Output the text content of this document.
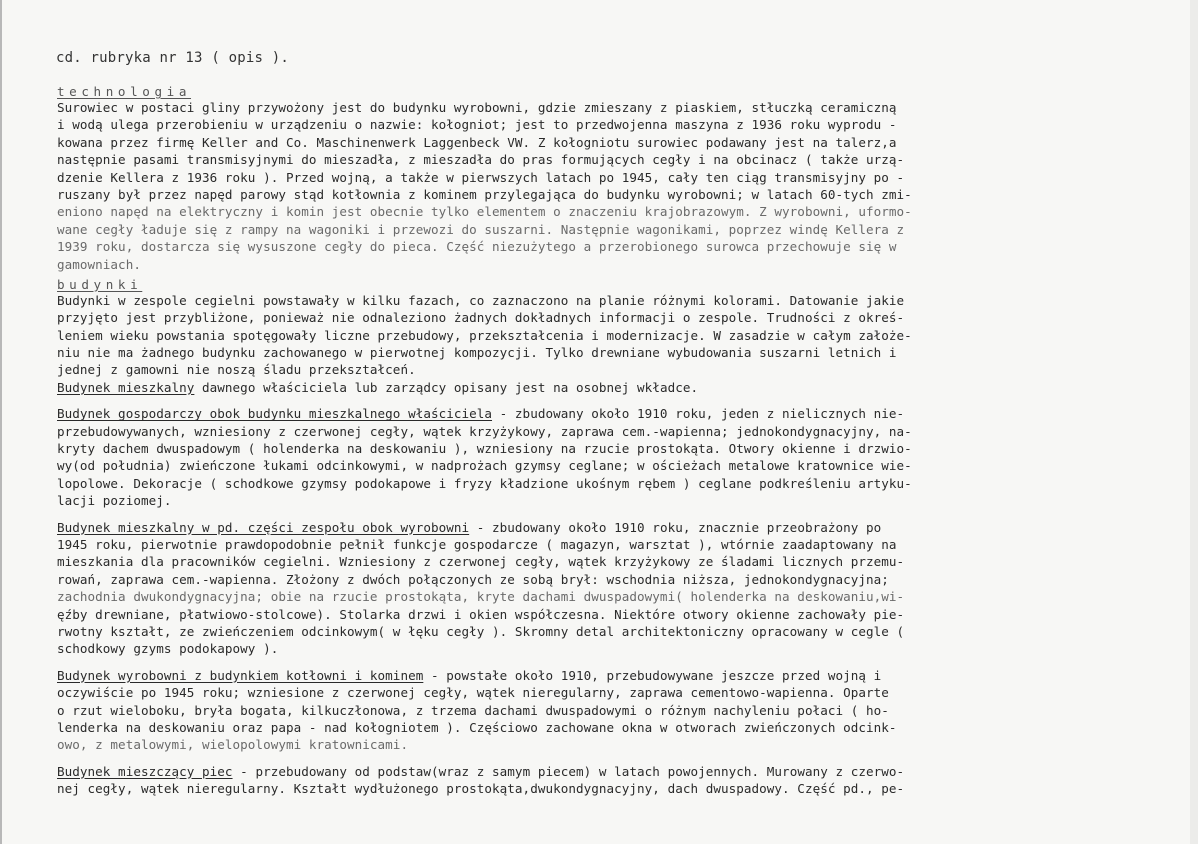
cd. rubryka nr 13 ( opis ).
technologia
Surowiec w postaci gliny przywożony jest do budynku wyrobowni, gdzie zmieszany z piaskiem, stłuczką ceramiczną
i wodą ulega przerobieniu w urządzeniu o nazwie: kołogniot; jest to przedwojenna maszyna z 1936 roku wyprodu -
kowana przez firmę Keller and Co. Maschinenwerk Laggenbeck VW. Z kołogniotu surowiec podawany jest na talerz,a
następnie pasami transmisyjnymi do mieszadła, z mieszadła do pras formujących cegły i na obcinacz ( także urzą-
dzenie Kellera z 1936 roku ). Przed wojną, a także w pierwszych latach po 1945, cały ten ciąg transmisyjny po -
ruszany był przez napęd parowy stąd kotłownia z kominem przylegająca do budynku wyrobowni; w latach 60-tych zmi-
eniono napęd na elektryczny i komin jest obecnie tylko elementem o znaczeniu krajobrazowym. Z wyrobowni, uformo-
wane cegły ładuje się z rampy na wagoniki i przewozi do suszarni. Następnie wagonikami, poprzez windę Kellera z
1939 roku, dostarcza się wysuszone cegły do pieca. Część niezużytego a przerobionego surowca przechowuje się w
gamowniach.
budynki
Budynki w zespole cegielni powstawały w kilku fazach, co zaznaczono na planie różnymi kolorami. Datowanie jakie
przyjęto jest przybliżone, ponieważ nie odnaleziono żadnych dokładnych informacji o zespole. Trudności z okreś-
leniem wieku powstania spotęgowały liczne przebudowy, przekształcenia i modernizacje. W zasadzie w całym założe-
niu nie ma żadnego budynku zachowanego w pierwotnej kompozycji. Tylko drewniane wybudowania suszarni letnich i
jednej z gamowni nie noszą śladu przekształceń.
Budynek mieszkalny dawnego właściciela lub zarządcy opisany jest na osobnej wkładce.
Budynek gospodarczy obok budynku mieszkalnego właściciela - zbudowany około 1910 roku, jeden z nielicznych nie-
przebudowywanych, wzniesiony z czerwonej cegły, wątek krzyżykowy, zaprawa cem.-wapienna; jednokondygnacyjny, na-
kryty dachem dwuspadowym ( holenderka na deskowaniu ), wzniesiony na rzucie prostokąta. Otwory okienne i drzwio-
wy(od południa) zwieńczone łukami odcinkowymi, w nadprożach gzymsy ceglane; w ościeżach metalowe kratownice wie-
lopolowe. Dekoracje ( schodkowe gzymsy podokapowe i fryzy kładzione ukośnym rębem ) ceglane podkreśleniu artyku-
lacji poziomej.
Budynek mieszkalny w pd. części zespołu obok wyrobowni - zbudowany około 1910 roku, znacznie przeobrażony po
1945 roku, pierwotnie prawdopodobnie pełnił funkcje gospodarcze ( magazyn, warsztat ), wtórnie zaadaptowany na
mieszkania dla pracowników cegielni. Wzniesiony z czerwonej cegły, wątek krzyżykowy ze śladami licznych przemu-
rowań, zaprawa cem.-wapienna. Złożony z dwóch połączonych ze sobą brył: wschodnia niższa, jednokondygnacyjna;
zachodnia dwukondygnacyjna; obie na rzucie prostokąta, kryte dachami dwuspadowymi( holenderka na deskowaniu,wi-
ęźby drewniane, płatwiowo-stolcowe). Stolarka drzwi i okien współczesna. Niektóre otwory okienne zachowały pie-
rwotny kształt, ze zwieńczeniem odcinkowym( w łęku cegły ). Skromny detal architektoniczny opracowany w cegle (
schodkowy gzyms podokapowy ).
Budynek wyrobowni z budynkiem kotłowni i kominem - powstałe około 1910, przebudowywane jeszcze przed wojną i
oczywiście po 1945 roku; wzniesione z czerwonej cegły, wątek nieregularny, zaprawa cementowo-wapienna. Oparte
o rzut wieloboku, bryła bogata, kilkuczłonowa, z trzema dachami dwuspadowymi o różnym nachyleniu połaci ( ho-
lenderka na deskowaniu oraz papa - nad kołogniotem ). Częściowo zachowane okna w otworach zwieńczonych odcink-
owo, z metalowymi, wielopolowymi kratownicami.
Budynek mieszczący piec - przebudowany od podstaw(wraz z samym piecem) w latach powojennych. Murowany z czerwo-
nej cegły, wątek nieregularny. Kształt wydłużonego prostokąta,dwukondygnacyjny, dach dwuspadowy. Część pd., pe-
